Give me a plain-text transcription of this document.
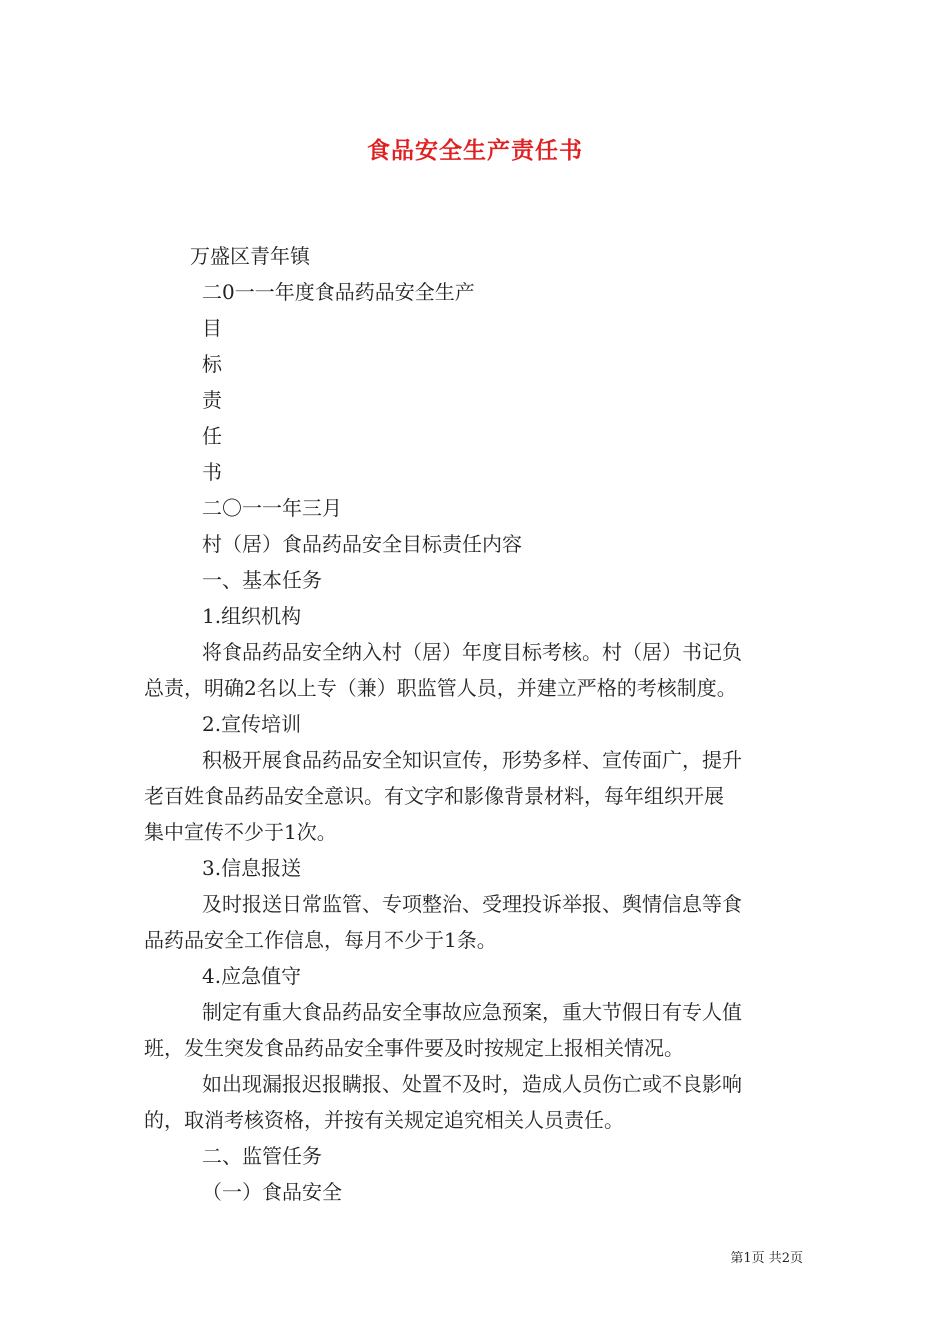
食品安全生产责任书
万盛区青年镇
二0一一年度食品药品安全生产
目
标
责
任
书
二〇一一年三月
村（居）食品药品安全目标责任内容
一、基本任务
1.组织机构
将食品药品安全纳入村（居）年度目标考核。村（居）书记负
总责，明确2名以上专（兼）职监管人员，并建立严格的考核制度。
2.宣传培训
积极开展食品药品安全知识宣传，形势多样、宣传面广，提升
老百姓食品药品安全意识。有文字和影像背景材料，每年组织开展
集中宣传不少于1次。
3.信息报送
及时报送日常监管、专项整治、受理投诉举报、舆情信息等食
品药品安全工作信息，每月不少于1条。
4.应急值守
制定有重大食品药品安全事故应急预案，重大节假日有专人值
班，发生突发食品药品安全事件要及时按规定上报相关情况。
如出现漏报迟报瞒报、处置不及时，造成人员伤亡或不良影响
的，取消考核资格，并按有关规定追究相关人员责任。
二、监管任务
（一）食品安全
第1页 共2页
